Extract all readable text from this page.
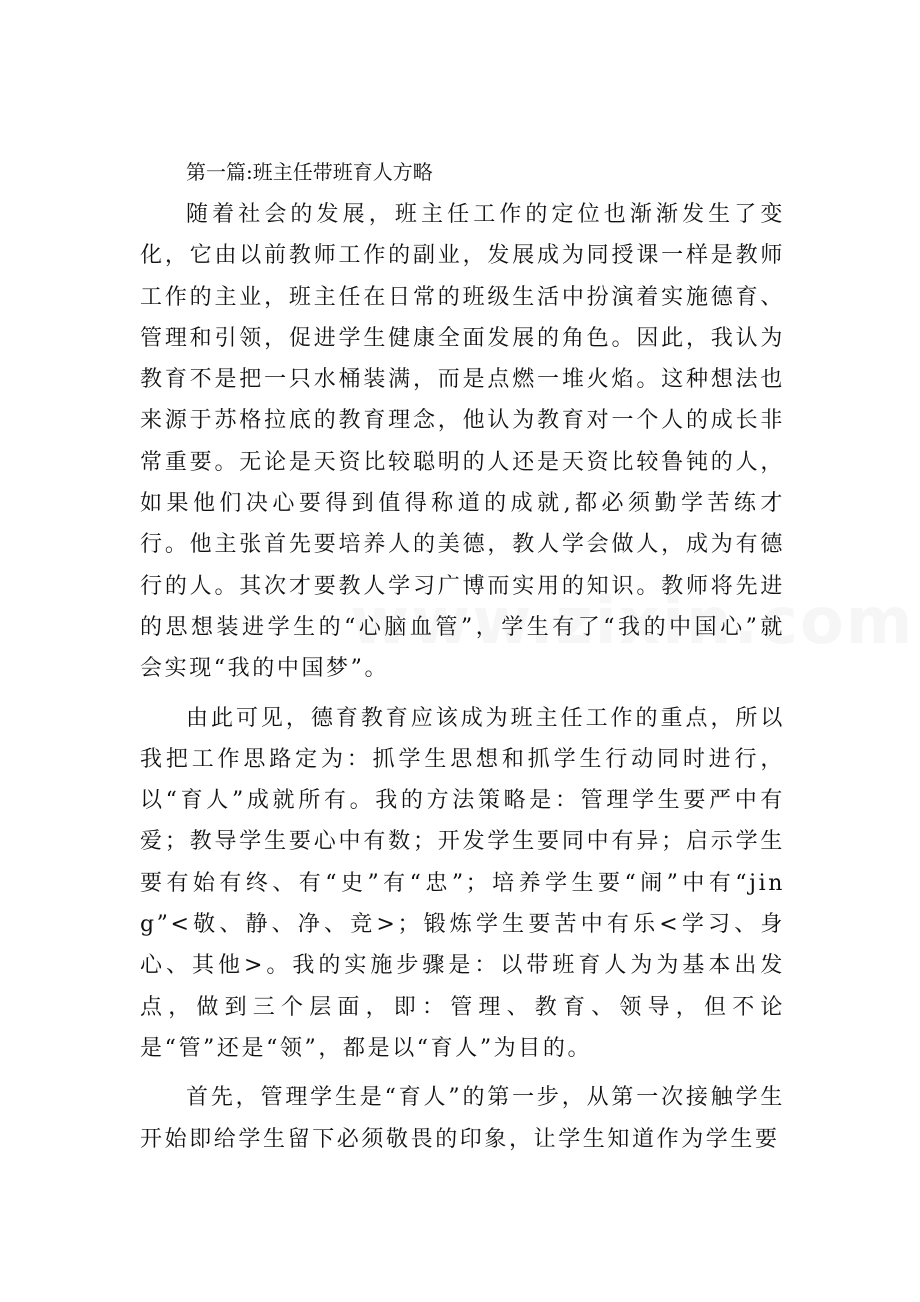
第一篇:班主任带班育人方略

随着社会的发展，班主任工作的定位也渐渐发生了变化，它由以前教师工作的副业，发展成为同授课一样是教师工作的主业，班主任在日常的班级生活中扮演着实施德育、管理和引领，促进学生健康全面发展的角色。因此，我认为教育不是把一只水桶装满，而是点燃一堆火焰。这种想法也来源于苏格拉底的教育理念，他认为教育对一个人的成长非常重要。无论是天资比较聪明的人还是天资比较鲁钝的人，如果他们决心要得到值得称道的成就,都必须勤学苦练才行。他主张首先要培养人的美德，教人学会做人，成为有德行的人。其次才要教人学习广博而实用的知识。教师将先进的思想装进学生的“心脑血管”，学生有了“我的中国心”就会实现“我的中国梦”。

由此可见，德育教育应该成为班主任工作的重点，所以我把工作思路定为：抓学生思想和抓学生行动同时进行，以“育人”成就所有。我的方法策略是：管理学生要严中有爱；教导学生要心中有数；开发学生要同中有异；启示学生要有始有终、有“史”有“忠”；培养学生要“闹”中有“jing”<敬、静、净、竞>；锻炼学生要苦中有乐<学习、身心、其他>。我的实施步骤是：以带班育人为为基本出发点，做到三个层面，即：管理、教育、领导，但不论是“管”还是“领”，都是以“育人”为目的。

首先，管理学生是“育人”的第一步，从第一次接触学生开始即给学生留下必须敬畏的印象，让学生知道作为学生要
